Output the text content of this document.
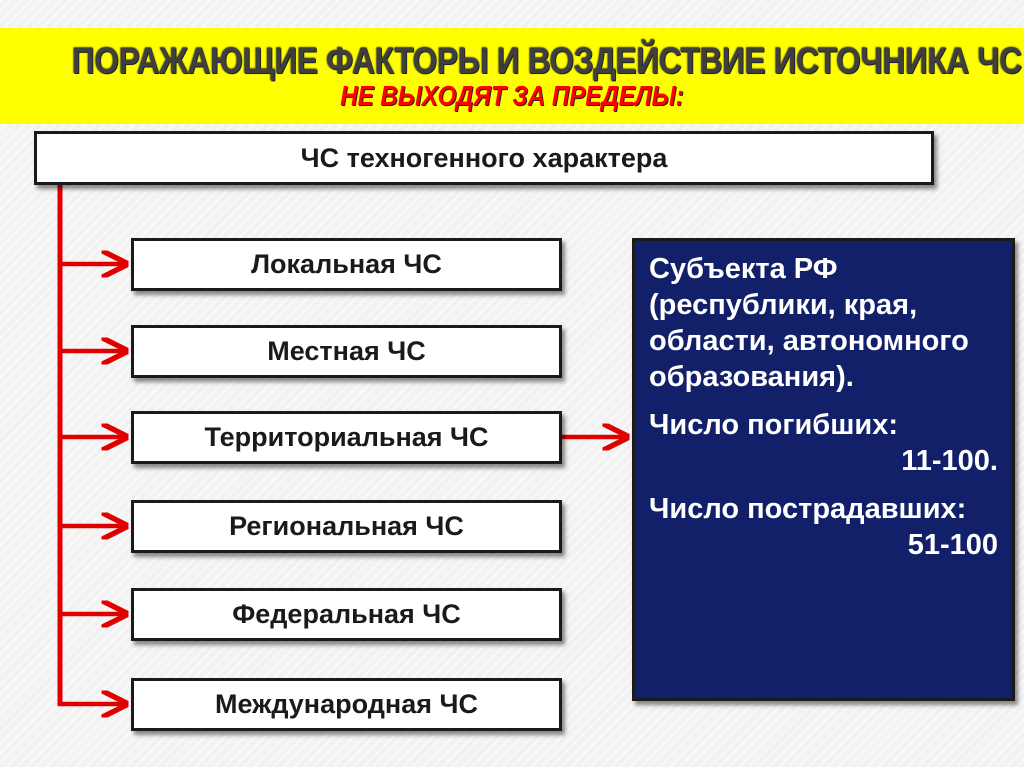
ПОРАЖАЮЩИЕ ФАКТОРЫ И ВОЗДЕЙСТВИЕ ИСТОЧНИКА ЧС
НЕ ВЫХОДЯТ ЗА ПРЕДЕЛЫ:
ЧС техногенного характера
Локальная ЧС
Местная ЧС
Территориальная ЧС
Региональная ЧС
Федеральная ЧС
Международная ЧС

Субъекта РФ (республики, края, области, автономного образования).

Число погибших:

11-100.

Число пострадавших:

51-100
